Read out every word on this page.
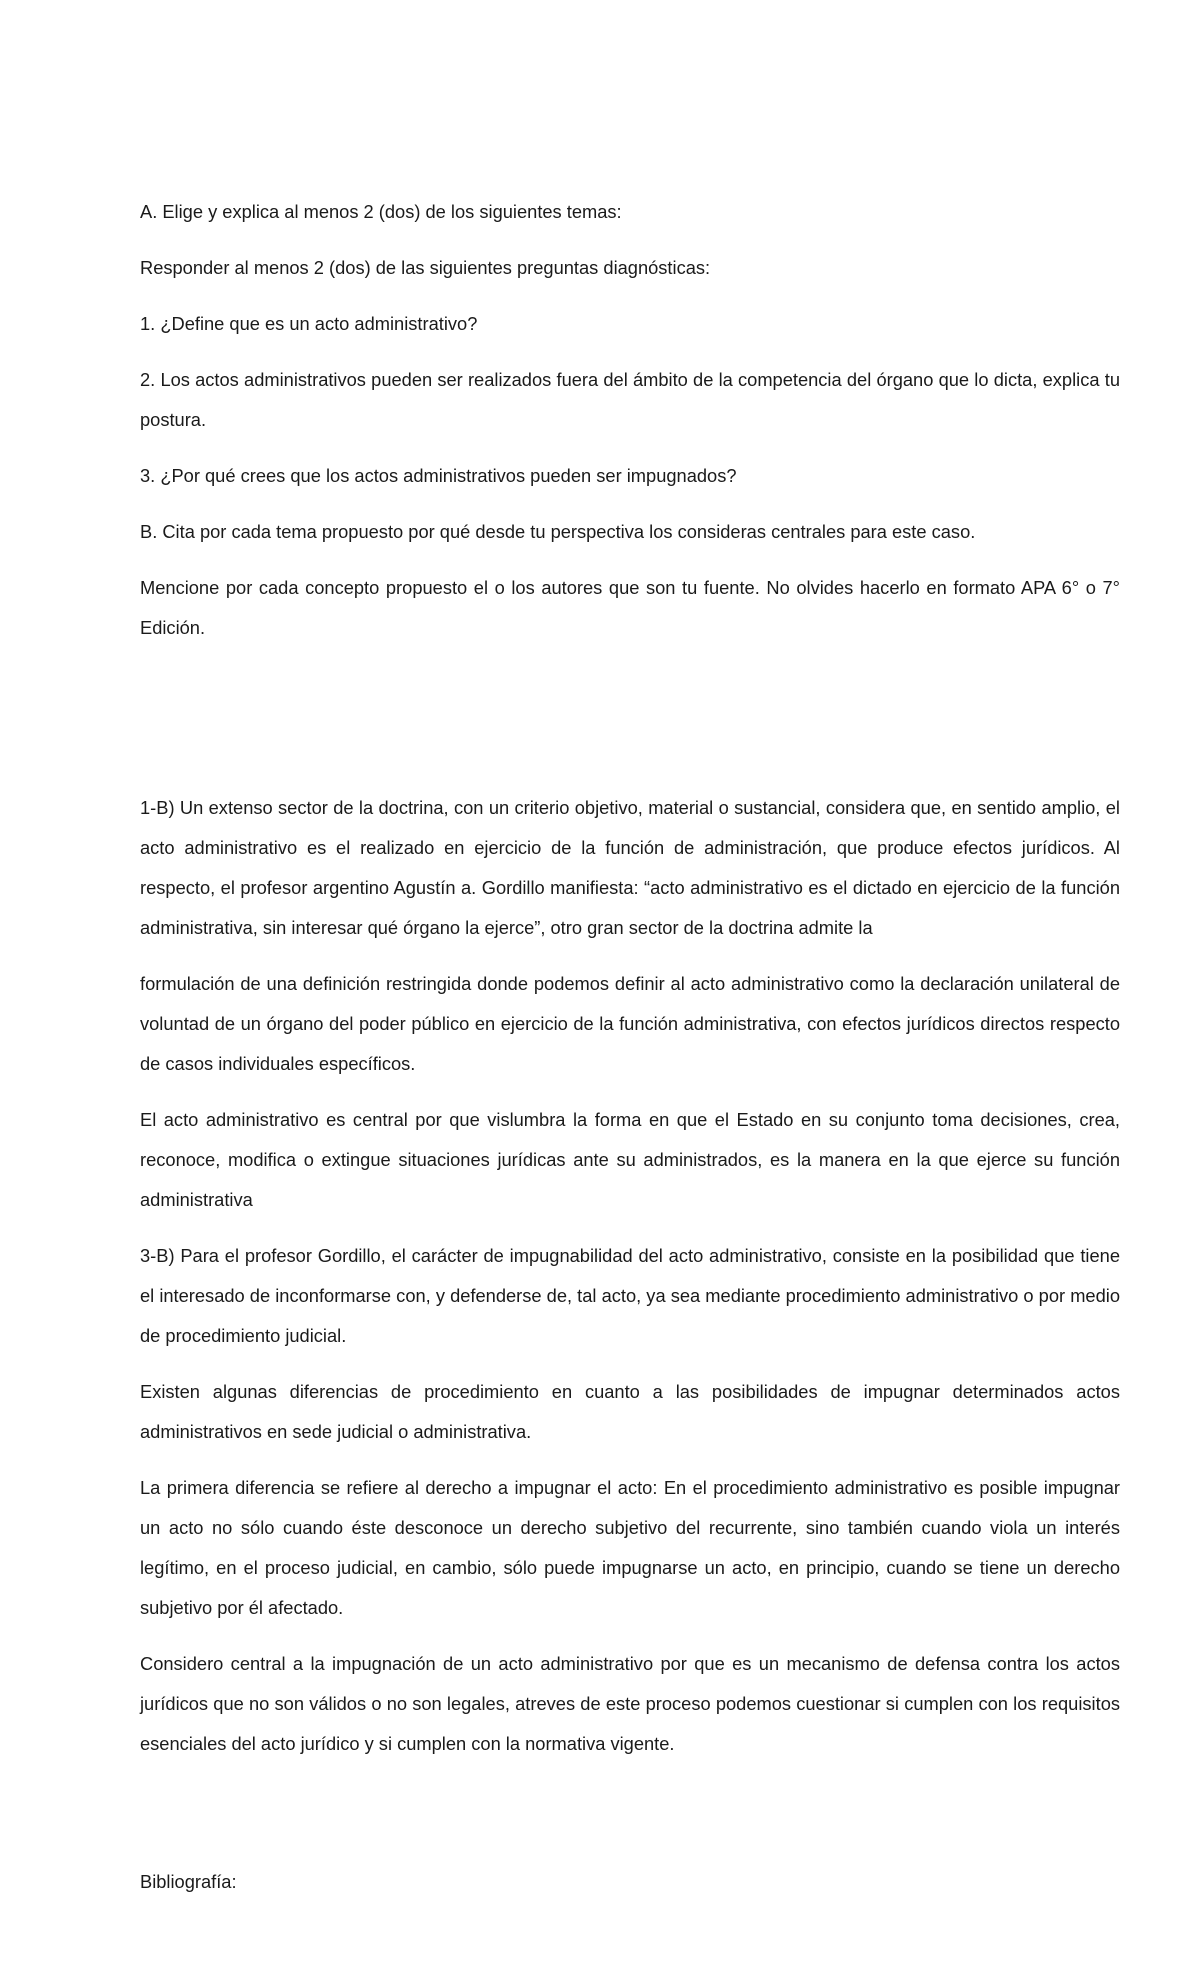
A. Elige y explica al menos 2 (dos) de los siguientes temas:

Responder al menos 2 (dos) de las siguientes preguntas diagnósticas:

1. ¿Define que es un acto administrativo?

2. Los actos administrativos pueden ser realizados fuera del ámbito de la competencia del órgano que lo dicta, explica tu postura.

3. ¿Por qué crees que los actos administrativos pueden ser impugnados?

B. Cita por cada tema propuesto por qué desde tu perspectiva los consideras centrales para este caso.

Mencione por cada concepto propuesto el o los autores que son tu fuente. No olvides hacerlo en formato APA 6° o 7° Edición.

1-B) Un extenso sector de la doctrina, con un criterio objetivo, material o sustancial, considera que, en sentido amplio, el acto administrativo es el realizado en ejercicio de la función de administración, que produce efectos jurídicos. Al respecto, el profesor argentino Agustín a. Gordillo manifiesta: “acto administrativo es el dictado en ejercicio de la función administrativa, sin interesar qué órgano la ejerce”, otro gran sector de la doctrina admite la

formulación de una definición restringida donde podemos definir al acto administrativo como la declaración unilateral de voluntad de un órgano del poder público en ejercicio de la función administrativa, con efectos jurídicos directos respecto de casos individuales específicos.

El acto administrativo es central por que vislumbra la forma en que el Estado en su conjunto toma decisiones, crea, reconoce, modifica o extingue situaciones jurídicas ante su administrados, es la manera en la que ejerce su función administrativa

3-B) Para el profesor Gordillo, el carácter de impugnabilidad del acto administrativo, consiste en la posibilidad que tiene el interesado de inconformarse con, y defenderse de, tal acto, ya sea mediante procedimiento administrativo o por medio de procedimiento judicial.

Existen algunas diferencias de procedimiento en cuanto a las posibilidades de impugnar determinados actos administrativos en sede judicial o administrativa.

La primera diferencia se refiere al derecho a impugnar el acto: En el procedimiento administrativo es posible impugnar un acto no sólo cuando éste desconoce un derecho subjetivo del recurrente, sino también cuando viola un interés legítimo, en el proceso judicial, en cambio, sólo puede impugnarse un acto, en principio, cuando se tiene un derecho subjetivo por él afectado.

Considero central a la impugnación de un acto administrativo por que es un mecanismo de defensa contra los actos jurídicos que no son válidos o no son legales, atreves de este proceso podemos cuestionar si cumplen con los requisitos esenciales del acto jurídico y si cumplen con la normativa vigente.

Bibliografía:
